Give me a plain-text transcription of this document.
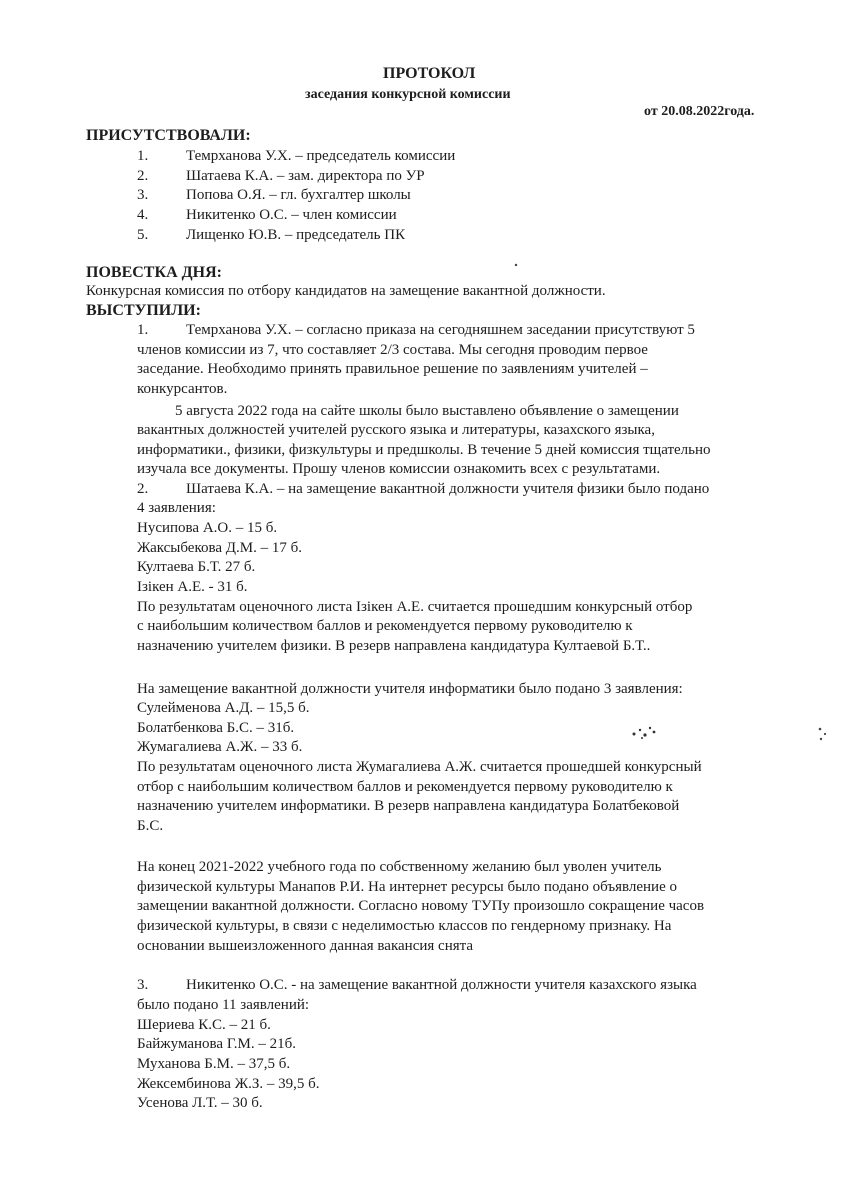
ПРОТОКОЛ
заседания конкурсной комиссии
от 20.08.2022года.
ПРИСУТСТВОВАЛИ:
1.	Темрханова У.Х. – председатель комиссии
2.	Шатаева К.А. – зам. директора по УР
3.	Попова О.Я. – гл. бухгалтер школы
4.	Никитенко О.С. – член комиссии
5.	Лищенко Ю.В. – председатель ПК
ПОВЕСТКА ДНЯ:
Конкурсная комиссия по отбору кандидатов на замещение вакантной должности.
ВЫСТУПИЛИ:
1.	Темрханова У.Х. – согласно приказа на сегодняшнем заседании присутствуют 5
членов комиссии из 7, что составляет 2/3 состава. Мы сегодня проводим первое
заседание. Необходимо принять правильное решение по заявлениям учителей –
конкурсантов.
5 августа 2022 года на сайте школы было выставлено объявление о замещении
вакантных должностей учителей русского языка и литературы, казахского языка,
информатики., физики, физкультуры и предшколы. В течение 5 дней комиссия тщательно
изучала все документы. Прошу членов комиссии ознакомить всех с результатами.
2.	Шатаева К.А. – на замещение вакантной должности учителя физики было подано
4 заявления:
Нусипова А.О. – 15 б.
Жаксыбекова Д.М. – 17 б.
Култаева Б.Т. 27 б.
Ізікен А.Е. - 31 б.
По результатам оценочного листа Ізікен А.Е. считается прошедшим конкурсный отбор
с наибольшим количеством баллов и рекомендуется первому руководителю к
назначению учителем физики. В резерв направлена кандидатура Култаевой Б.Т..
На замещение вакантной должности учителя информатики было подано 3 заявления:
Сулейменова А.Д. – 15,5 б.
Болатбенкова Б.С. – 31б.
Жумагалиева А.Ж. – 33 б.
По результатам оценочного листа Жумагалиева А.Ж. считается прошедшей конкурсный
отбор с наибольшим количеством баллов и рекомендуется первому руководителю к
назначению учителем информатики. В резерв направлена кандидатура Болатбековой
Б.С.
На конец 2021-2022 учебного года по собственному желанию был уволен учитель
физической культуры Манапов Р.И. На интернет ресурсы было подано объявление о
замещении вакантной должности. Согласно новому ТУПу произошло сокращение часов
физической культуры, в связи с неделимостью классов по гендерному признаку. На
основании вышеизложенного данная вакансия снята
3.	Никитенко О.С. - на замещение вакантной должности учителя казахского языка
было подано 11 заявлений:
Шериева К.С. – 21 б.
Байжуманова Г.М. – 21б.
Муханова Б.М. – 37,5 б.
Жексембинова Ж.З. – 39,5 б.
Усенова Л.Т. – 30 б.
